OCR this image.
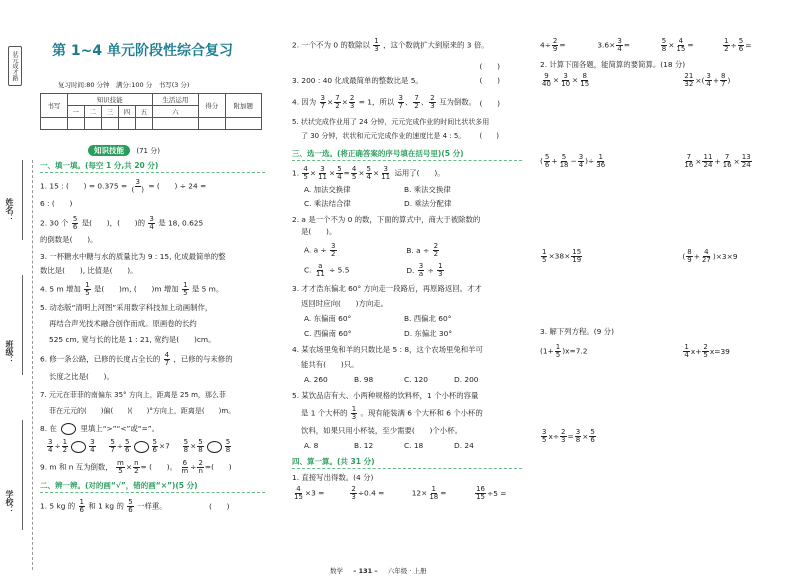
状元成才路
姓名：
班级：
学校：
第 1~4 单元阶段性综合复习
复习时间:80 分钟　满分:100 分　书写(3 分)
书写	知识技能					生活运用	得分	附加题
	一	二	三	四	五	六		

知识技能 (71 分)
一、填一填。(每空 1 分,共 20 分)
1. 15 : (　　) = $0.375 = \frac{3}{( )}$ = (　　) ÷ 24 =
6 : (　　)
2. 30 个 $\frac{5}{6}$ 是(　　)，(　　)的 $\frac{3}{4}$ 是 18, 0.625
的倒数是(　　)。
3. 一杯糖水中糖与水的质量比为 9 : 15, 化成最简单的整
数比是(　　), 比值是(　　)。
4. 5 m 增加 $\frac{1}{5}$ 是(　　)m, (　　)m 增加 $\frac{1}{5}$ 是 5 m。
5. 动态版“清明上河图”采用数字科技加上动画制作，
再结合声光技术融合创作而成。原画卷的长约
525 cm, 宽与长的比是 1 : 21, 宽约是(　　)cm。
6. 修一条公路，已修的长度占全长的 $\frac{4}{7}$ ，已修的与未修的
长度之比是(　　)。
7. 元元在菲菲的南偏东 35° 方向上，距离是 25 m，那么菲
菲在元元的(　　)偏(　　)(　　)°方向上，距离是(　　)m。
8. 在	里填上“>”“<”或“=”。
$\frac{3}{4} \div \frac{1}{2}$	$\frac{3}{4}$
$\frac{5}{7} \div \frac{5}{6}$	$\frac{5}{6} \times 7 \frac{5}{8} \times \frac{5}{8}$	$\frac{5}{8}$
9. m 和 n 互为倒数， $\frac{m}{5} \times \frac{n}{2}$ = (　　)。 $\frac{6}{m} \div \frac{2}{n}$ =(　　)
二、辨一辨。(对的画“√”，错的画“×”)(5 分)
1. 5 kg 的 $\frac{1}{6}$ 和 1 kg 的 $\frac{5}{6}$ 一样重。	(　　)
2. 一个不为 0 的数除以 $\frac{1}{3}$ ，这个数就扩大到原来的 3 倍。
(　　)
3. 200 : 40 化成最简单的整数比是 5。	(　　)
4. 因为 $\frac{3}{7} \times \frac{7}{2} \times \frac{2}{3} = 1$，所以 $\frac{3}{7}$ 、 $\frac{7}{2}$ 、 $\frac{2}{3}$ 互为倒数。 (　　)
5. 状状完成作业用了 24 分钟，元元完成作业的时间比状状多用
了 30 分钟，状状和元元完成作业的速度比是 4 : 5。 (　　)
三、选一选。(将正确答案的序号填在括号里)(5 分)
1. $\frac{4}{5} \times \frac{3}{11} \times \frac{5}{4} = \frac{4}{5} \times \frac{5}{4} \times \frac{3}{11}$ 运用了(　　)。
A. 加法交换律	B. 乘法交换律
C. 乘法结合律	D. 乘法分配律
2. a 是一个不为 0 的数，下面的算式中，商大于被除数的
是(　　)。
A. $a \div \frac{3}{2}$	B. $a \div \frac{2}{2}$
C. $\frac{a}{11} \div 5.5$	D. $\frac{3}{a} \div \frac{1}{3}$
3. 才才浩东偏北 60° 方向走一段路后，再原路返回。才才
返回时应向(　　)方向走。
A. 东偏南 60°	B. 西偏北 60°
C. 西偏南 60°	D. 东偏北 30°
4. 某农场里兔和羊的只数比是 5 : 8，这个农场里兔和羊可
能共有(　　)只。
A. 260	B. 98	C. 120	D. 200
5. 某饮品店有大、小两种规格的饮料杯，1 个小杯的容量
是 1 个大杯的 $\frac{1}{3}$ 。现有能装满 6 个大杯和 6 个小杯的
饮料，如果只用小杯装，至少需要(　　)个小杯。
A. 8	B. 12	C. 18	D. 24
四、算一算。(共 31 分)
1. 直接写出得数。(4 分)
$\frac{4}{15} \times 3$ =	$\frac{2}{3} \div 0.4$ =	$12\times \frac{1}{18}$ =	$\frac{16}{15} \div 5$ =
$4\div \frac{2}{9}$ =	$3.6\times \frac{3}{4}$ =	$\frac{5}{8} \times \frac{4}{15}$ =	$\frac{1}{2} \div \frac{5}{6}$ =
2. 计算下面各题，能简算的要简算。(18 分)
$\frac{9}{40} \times \frac{3}{10} \times \frac{8}{15}$
	$\frac{21}{32}$ ×( $\frac{3}{4} + \frac{8}{7}$ )
( $\frac{5}{6} + \frac{5}{18} - \frac{3}{4}$ )÷ $\frac{1}{36}$
	$\frac{7}{16} \times \frac{11}{24} + \frac{7}{16} \times \frac{13}{24}$
$\frac{1}{5} \times 38\times \frac{15}{19}$	( $\frac{8}{9} + \frac{4}{27} )\times 3\times 9$
3. 解下列方程。(9 分)
$(1+ \frac{1}{5} )x=7.2$	$\frac{1}{4} x+ \frac{2}{5} x=39$
$\frac{3}{5} x\div \frac{2}{3} = \frac{3}{8} \times \frac{5}{6}$
数学 – 131 – 六年级 · 上册
